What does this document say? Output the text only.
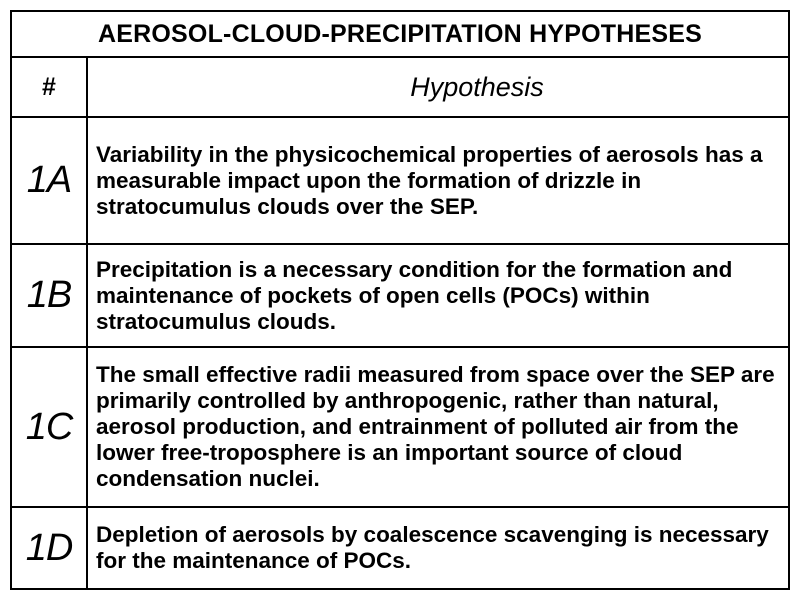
AEROSOL-CLOUD-PRECIPITATION HYPOTHESES
#	Hypothesis
1A
Variability in the physicochemical properties of aerosols has a measurable impact upon the formation of drizzle in stratocumulus clouds over the SEP.
1B
Precipitation is a necessary condition for the formation and maintenance of pockets of open cells (POCs) within stratocumulus clouds.
1C
The small effective radii measured from space over the SEP are primarily controlled by anthropogenic, rather than natural, aerosol production, and entrainment of polluted air from the lower free-troposphere is an important source of cloud condensation nuclei.
1D Depletion of aerosols by coalescence scavenging is necessary for the maintenance of POCs.
